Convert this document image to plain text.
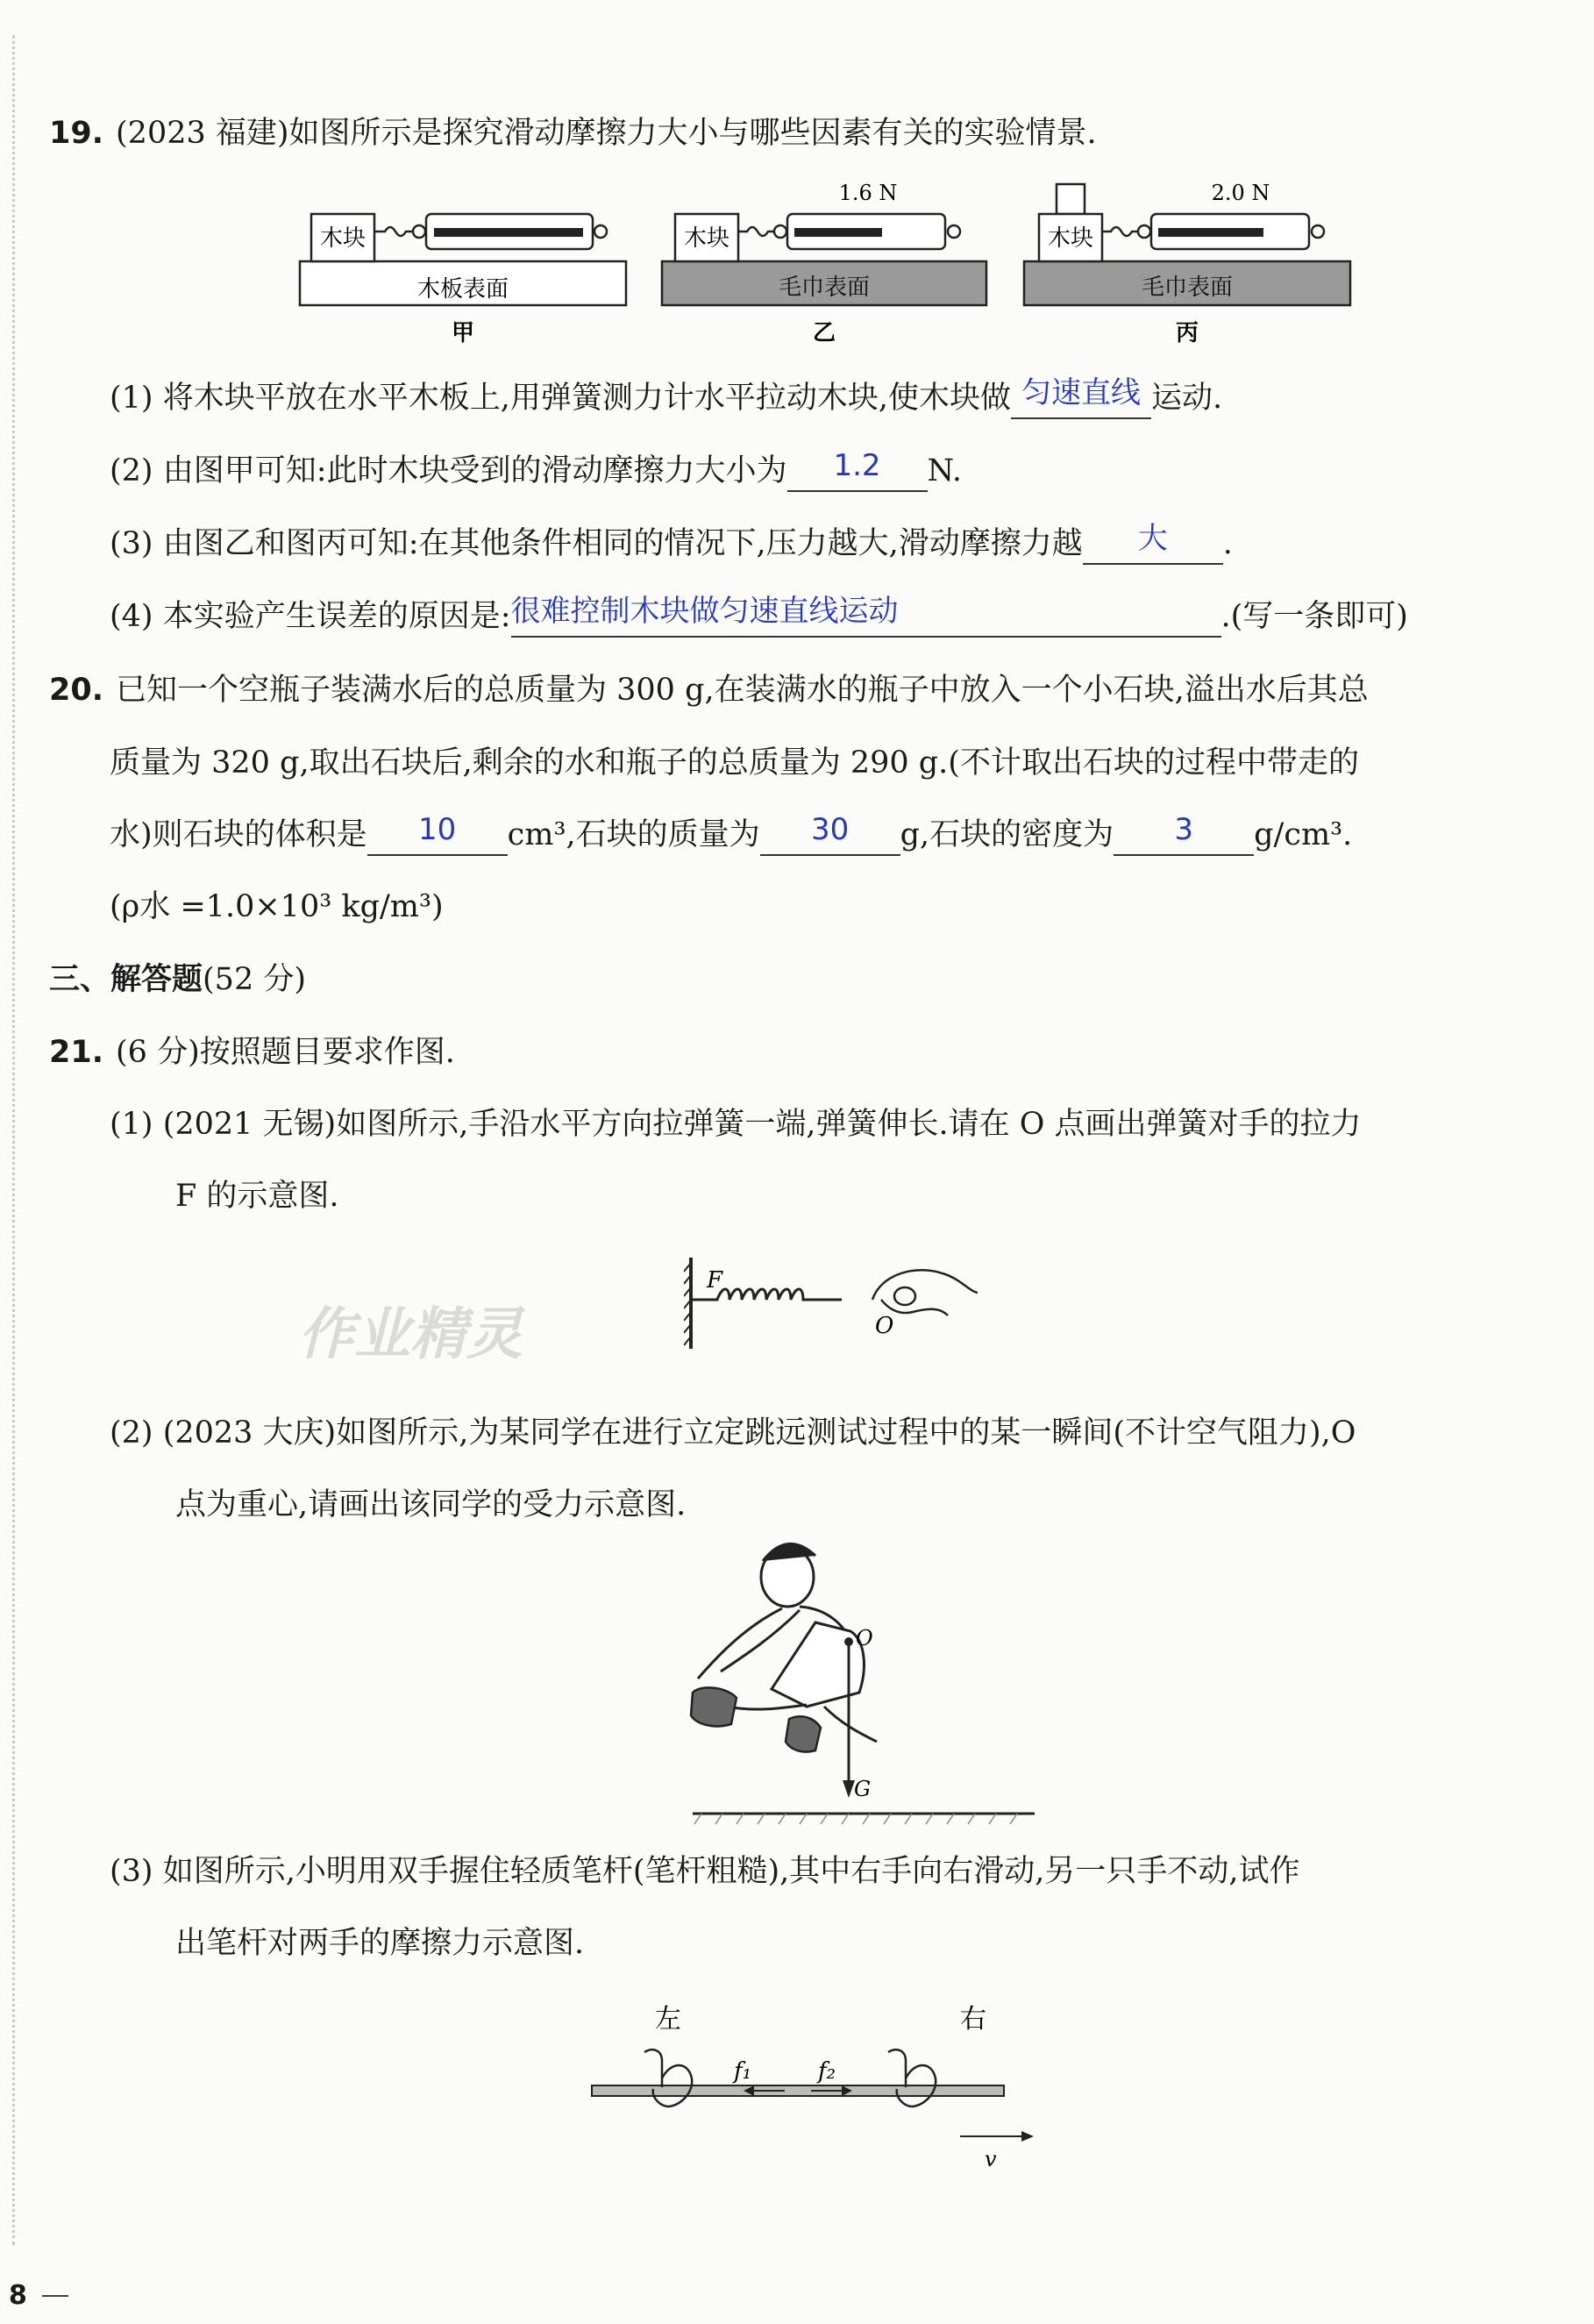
19. (2023 福建)如图所示是探究滑动摩擦力大小与哪些因素有关的实验情景.
木块
木板表面
甲
木块
1.6 N
毛巾表面
乙
木块
2.0 N
毛巾表面
丙
(1) 将木块平放在水平木板上,用弹簧测力计水平拉动木块,使木块做 匀速直线 运动.
(2) 由图甲可知:此时木块受到的滑动摩擦力大小为	1.2	N.
(3) 由图乙和图丙可知:在其他条件相同的情况下,压力越大,滑动摩擦力越	大	.
(4) 本实验产生误差的原因是: 很难控制木块做匀速直线运动	.(写一条即可)
20. 已知一个空瓶子装满水后的总质量为 300 g,在装满水的瓶子中放入一个小石块,溢出水后其总
质量为 320 g,取出石块后,剩余的水和瓶子的总质量为 290 g.(不计取出石块的过程中带走的
水)则石块的体积是	10	cm³,石块的质量为	30	g,石块的密度为	3	g/cm³.
(ρ水 =1.0×10³ kg/m³)
三、解答题(52 分)
21. (6 分)按照题目要求作图.
(1) (2021 无锡)如图所示,手沿水平方向拉弹簧一端,弹簧伸长.请在 O 点画出弹簧对手的拉力
F 的示意图.
F
O
(2) (2023 大庆)如图所示,为某同学在进行立定跳远测试过程中的某一瞬间(不计空气阻力),O
点为重心,请画出该同学的受力示意图.
O
G
(3) 如图所示,小明用双手握住轻质笔杆(笔杆粗糙),其中右手向右滑动,另一只手不动,试作
出笔杆对两手的摩擦力示意图.
左	右
f₁	f₂
v
作业精灵
8
